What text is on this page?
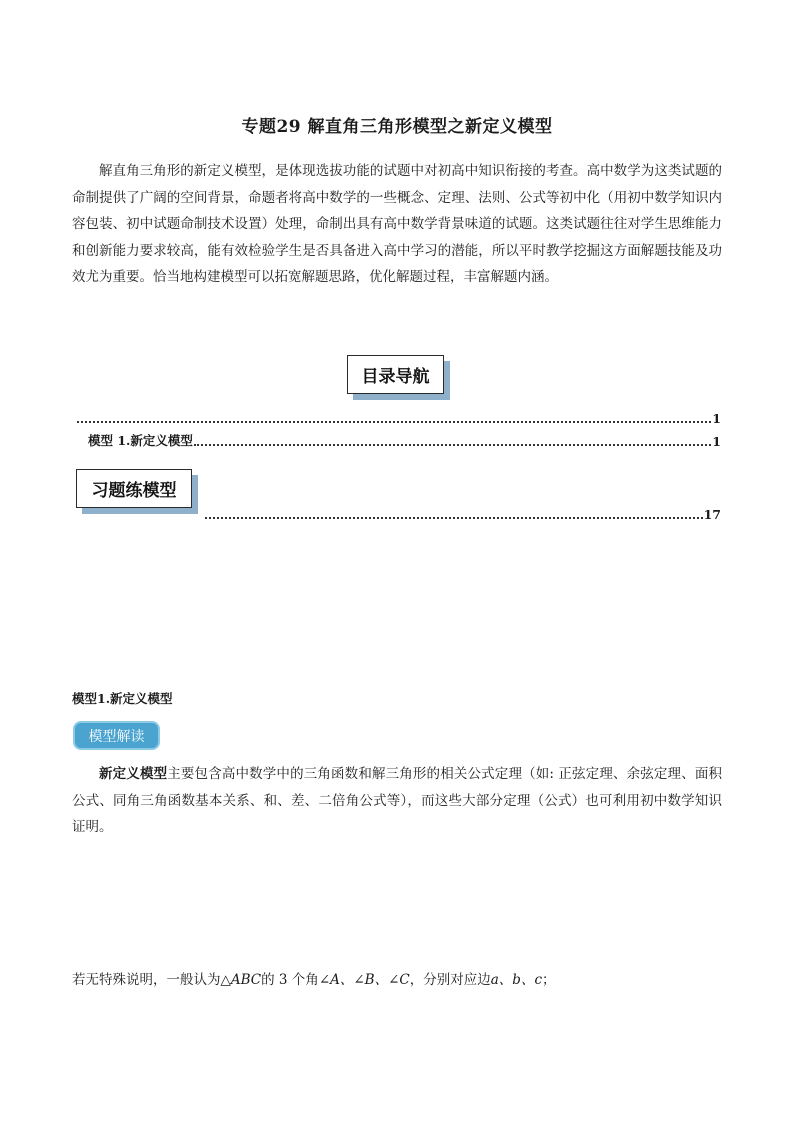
专题29 解直角三角形模型之新定义模型
解直角三角形的新定义模型，是体现选拔功能的试题中对初高中知识衔接的考查。高中数学为这类试题的命制提供了广阔的空间背景，命题者将高中数学的一些概念、定理、法则、公式等初中化（用初中数学知识内容包装、初中试题命制技术设置）处理，命制出具有高中数学背景味道的试题。这类试题往往对学生思维能力和创新能力要求较高，能有效检验学生是否具备进入高中学习的潜能，所以平时教学挖掘这方面解题技能及功效尤为重要。恰当地构建模型可以拓宽解题思路，优化解题过程，丰富解题内涵。
目录导航
1
模型 1.新定义模型	1
习题练模型
17
模型1.新定义模型
模型解读
新定义模型主要包含高中数学中的三角函数和解三角形的相关公式定理（如: 正弦定理、余弦定理、面积公式、同角三角函数基本关系、和、差、二倍角公式等），而这些大部分定理（公式）也可利用初中数学知识证明。
若无特殊说明，一般认为△ABC的 3 个角∠A、∠B、∠C，分别对应边a、b、c；
